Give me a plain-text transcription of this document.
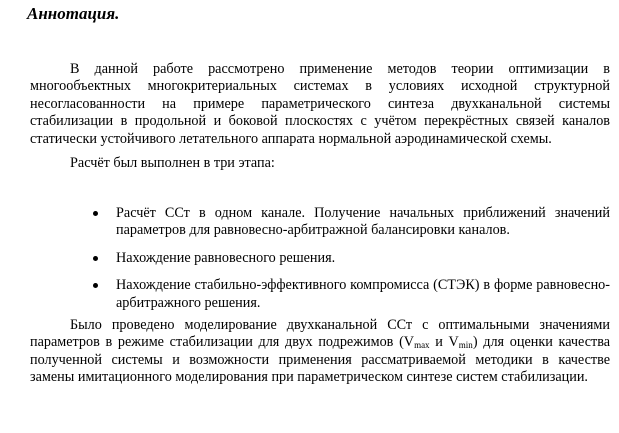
Аннотация.

В данной работе рассмотрено применение методов теории оптимизации в многообъектных многокритериальных системах в условиях исходной структурной несогласованности на примере параметрического синтеза двухканальной системы стабилизации в продольной и боковой плоскостях с учётом перекрёстных связей каналов статически устойчивого летательного аппарата нормальной аэродинамической схемы.

Расчёт был выполнен в три этапа:

Расчёт ССт в одном канале. Получение начальных приближений значений параметров для равновесно-арбитражной балансировки каналов.
Нахождение равновесного решения.
Нахождение стабильно-эффективного компромисса (СТЭК) в форме равновесно-арбитражного решения.

Было проведено моделирование двухканальной ССт с оптимальными значениями параметров в режиме стабилизации для двух подрежимов ($V_{max}$ и $V_{min}$) для оценки качества полученной системы и возможности применения рассматриваемой методики в качестве замены имитационного моделирования при параметрическом синтезе систем стабилизации.
